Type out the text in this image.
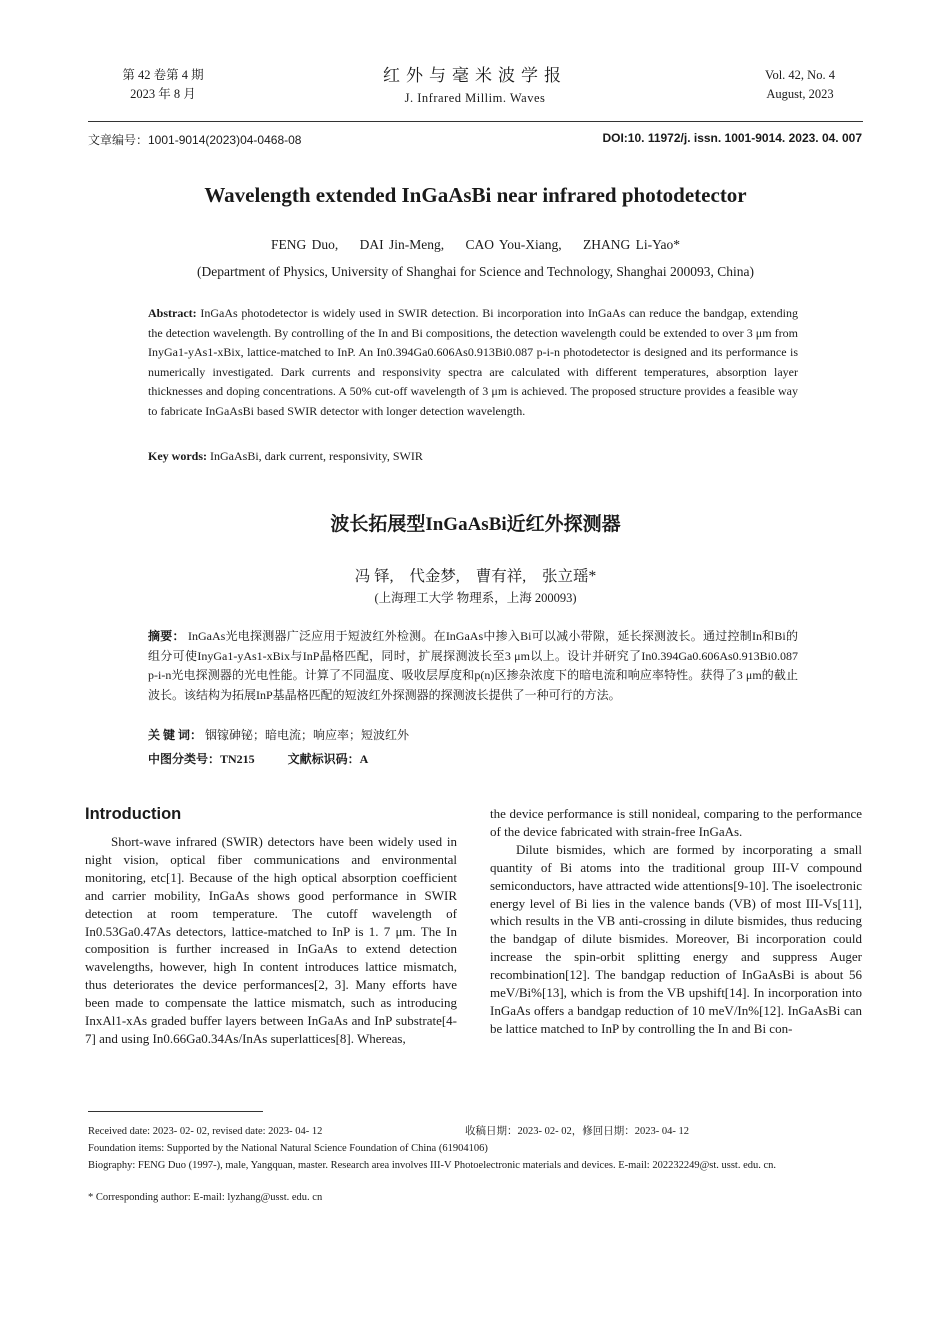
第 42 卷第 4 期
2023 年 8 月
红外与毫米波学报
J. Infrared Millim. Waves
Vol. 42, No. 4
August, 2023
文章编号：1001-9014(2023)04-0468-08	DOI:10. 11972/j. issn. 1001-9014. 2023. 04. 007
Wavelength extended InGaAsBi near infrared photodetector
FENG Duo, DAI Jin-Meng, CAO You-Xiang, ZHANG Li-Yao*
(Department of Physics, University of Shanghai for Science and Technology, Shanghai 200093, China)
Abstract: InGaAs photodetector is widely used in SWIR detection. Bi incorporation into InGaAs can reduce the bandgap, extending the detection wavelength. By controlling of the In and Bi compositions, the detection wavelength could be extended to over 3 μm from InyGa1-yAs1-xBix, lattice-matched to InP. An In0.394Ga0.606As0.913Bi0.087 p-i-n photodetector is designed and its performance is numerically investigated. Dark currents and responsivity spectra are calculated with different temperatures, absorption layer thicknesses and doping concentrations. A 50% cut-off wavelength of 3 μm is achieved. The proposed structure provides a feasible way to fabricate InGaAsBi based SWIR detector with longer detection wavelength.
Key words: InGaAsBi, dark current, responsivity, SWIR
波长拓展型InGaAsBi近红外探测器
冯 铎, 代金梦, 曹有祥, 张立瑶*
(上海理工大学 物理系，上海 200093)
摘要： InGaAs光电探测器广泛应用于短波红外检测。在InGaAs中掺入Bi可以减小带隙，延长探测波长。通过控制In和Bi的组分可使InyGa1-yAs1-xBix与InP晶格匹配，同时，扩展探测波长至3 μm以上。设计并研究了In0.394Ga0.606As0.913Bi0.087 p-i-n光电探测器的光电性能。计算了不同温度、吸收层厚度和p(n)区掺杂浓度下的暗电流和响应率特性。获得了3 μm的截止波长。该结构为拓展InP基晶格匹配的短波红外探测器的探测波长提供了一种可行的方法。
关 键 词： 铟镓砷铋；暗电流；响应率；短波红外
中图分类号：TN215	文献标识码：A
Introduction

Short-wave infrared (SWIR) detectors have been widely used in night vision, optical fiber communications and environmental monitoring, etc[1]. Because of the high optical absorption coefficient and carrier mobility, InGaAs shows good performance in SWIR detection at room temperature. The cutoff wavelength of In0.53Ga0.47As detectors, lattice-matched to InP is 1. 7 μm. The In composition is further increased in InGaAs to extend detection wavelengths, however, high In content introduces lattice mismatch, thus deteriorates the device performances[2, 3]. Many efforts have been made to compensate the lattice mismatch, such as introducing InxAl1-xAs graded buffer layers between InGaAs and InP substrate[4-7] and using In0.66Ga0.34As/InAs superlattices[8]. Whereas,

the device performance is still nonideal, comparing to the performance of the device fabricated with strain-free InGaAs.

Dilute bismides, which are formed by incorporating a small quantity of Bi atoms into the traditional group III-V compound semiconductors, have attracted wide attentions[9-10]. The isoelectronic energy level of Bi lies in the valence bands (VB) of most III-Vs[11], which results in the VB anti-crossing in dilute bismides, thus reducing the bandgap of dilute bismides. Moreover, Bi incorporation could increase the spin-orbit splitting energy and suppress Auger recombination[12]. The bandgap reduction of InGaAsBi is about 56 meV/Bi%[13], which is from the VB upshift[14]. In incorporation into InGaAs offers a bandgap reduction of 10 meV/In%[12]. InGaAsBi can be lattice matched to InP by controlling the In and Bi con-

Received date: 2023- 02- 02, revised date: 2023- 04- 12	收稿日期：2023- 02- 02，修回日期：2023- 04- 12
Foundation items: Supported by the National Natural Science Foundation of China (61904106)
Biography: FENG Duo (1997-), male, Yangquan, master. Research area involves III-V Photoelectronic materials and devices. E-mail: 202232249@st. usst. edu. cn.
* Corresponding author: E-mail: lyzhang@usst. edu. cn
